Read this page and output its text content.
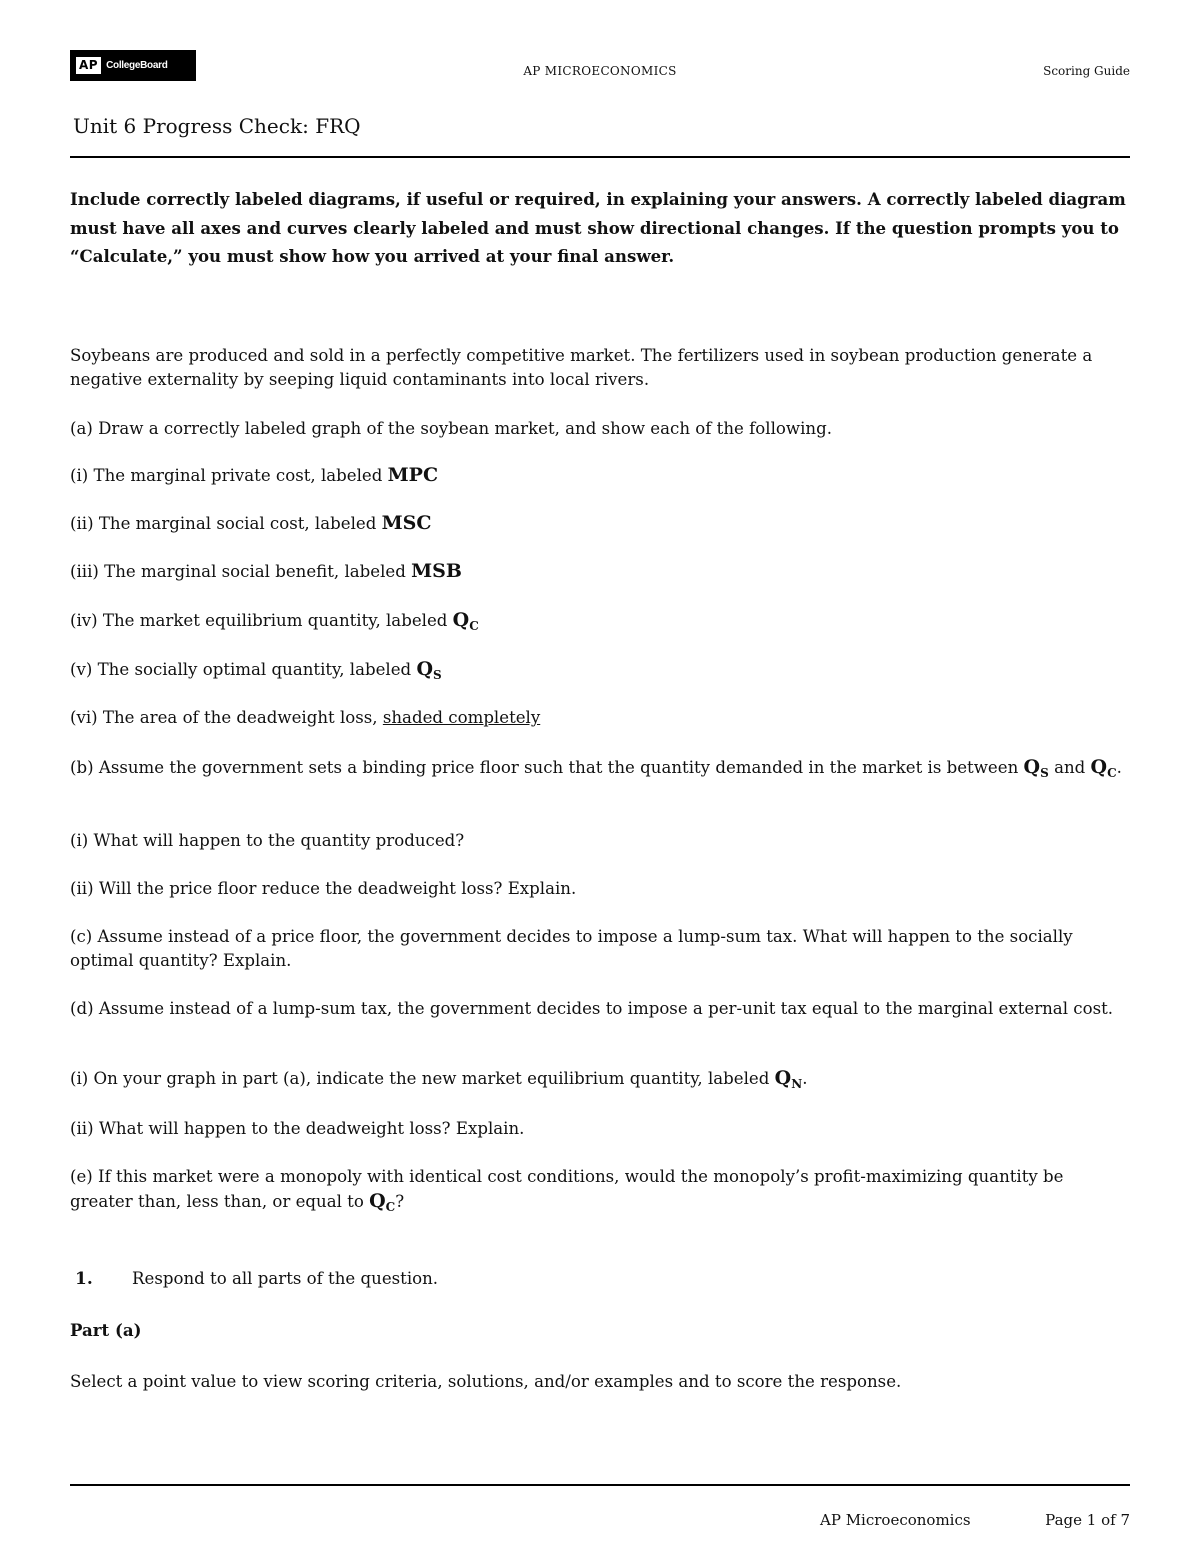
AP CollegeBoard	AP MICROECONOMICS	Scoring Guide
Unit 6 Progress Check: FRQ
Include correctly labeled diagrams, if useful or required, in explaining your answers. A correctly labeled diagram must have all axes and curves clearly labeled and must show directional changes. If the question prompts you to “Calculate,” you must show how you arrived at your final answer.
Soybeans are produced and sold in a perfectly competitive market. The fertilizers used in soybean production generate a negative externality by seeping liquid contaminants into local rivers.
(a) Draw a correctly labeled graph of the soybean market, and show each of the following.
(i) The marginal private cost, labeled MPC
(ii) The marginal social cost, labeled MSC
(iii) The marginal social benefit, labeled MSB
(iv) The market equilibrium quantity, labeled $Q_C$
(v) The socially optimal quantity, labeled $Q_S$
(vi) The area of the deadweight loss, shaded completely
(b) Assume the government sets a binding price floor such that the quantity demanded in the market is between $Q_S$ and $Q_C$.
(i) What will happen to the quantity produced?
(ii) Will the price floor reduce the deadweight loss? Explain.
(c) Assume instead of a price floor, the government decides to impose a lump-sum tax. What will happen to the socially optimal quantity? Explain.
(d) Assume instead of a lump-sum tax, the government decides to impose a per-unit tax equal to the marginal external cost.
(i) On your graph in part (a), indicate the new market equilibrium quantity, labeled $Q_N$.
(ii) What will happen to the deadweight loss? Explain.
(e) If this market were a monopoly with identical cost conditions, would the monopoly’s profit-maximizing quantity be greater than, less than, or equal to $Q_C$?
1. Respond to all parts of the question.
Part (a)
Select a point value to view scoring criteria, solutions, and/or examples and to score the response.
AP Microeconomics	Page 1 of 7
